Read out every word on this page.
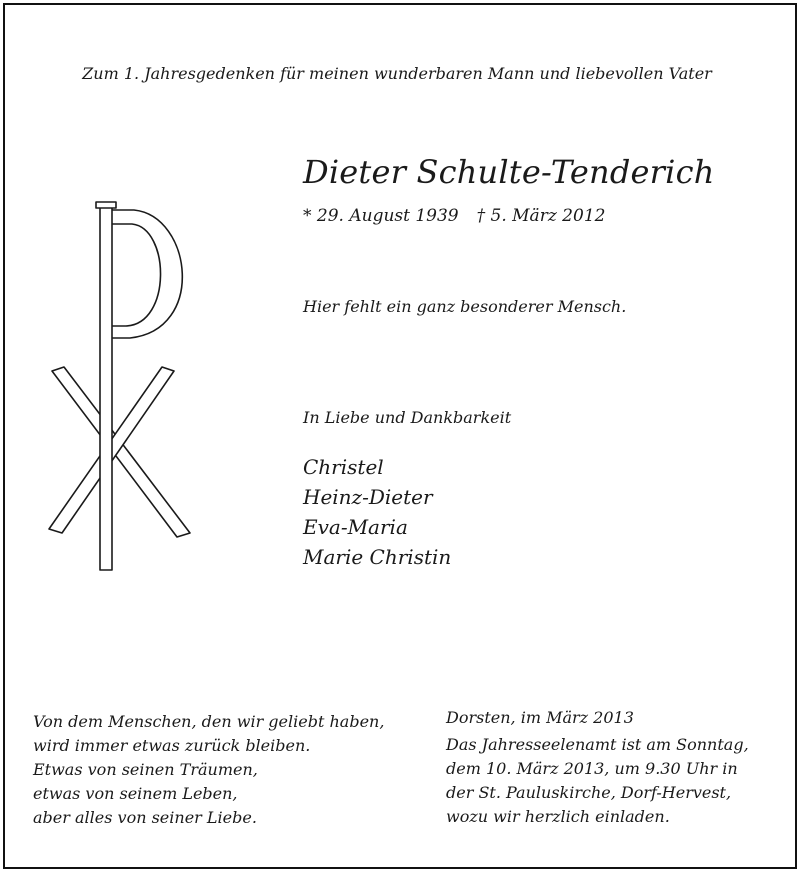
Zum 1. Jahresgedenken für meinen wunderbaren Mann und liebevollen Vater
Dieter Schulte-Tenderich
* 29. August 1939 † 5. März 2012
Hier fehlt ein ganz besonderer Mensch.
In Liebe und Dankbarkeit
Christel
Heinz-Dieter
Eva-Maria
Marie Christin
Von dem Menschen, den wir geliebt haben,
wird immer etwas zurück bleiben.
Etwas von seinen Träumen,
etwas von seinem Leben,
aber alles von seiner Liebe.
Dorsten, im März 2013
Das Jahresseelenamt ist am Sonntag,
dem 10. März 2013, um 9.30 Uhr in
der St. Pauluskirche, Dorf-Hervest,
wozu wir herzlich einladen.
